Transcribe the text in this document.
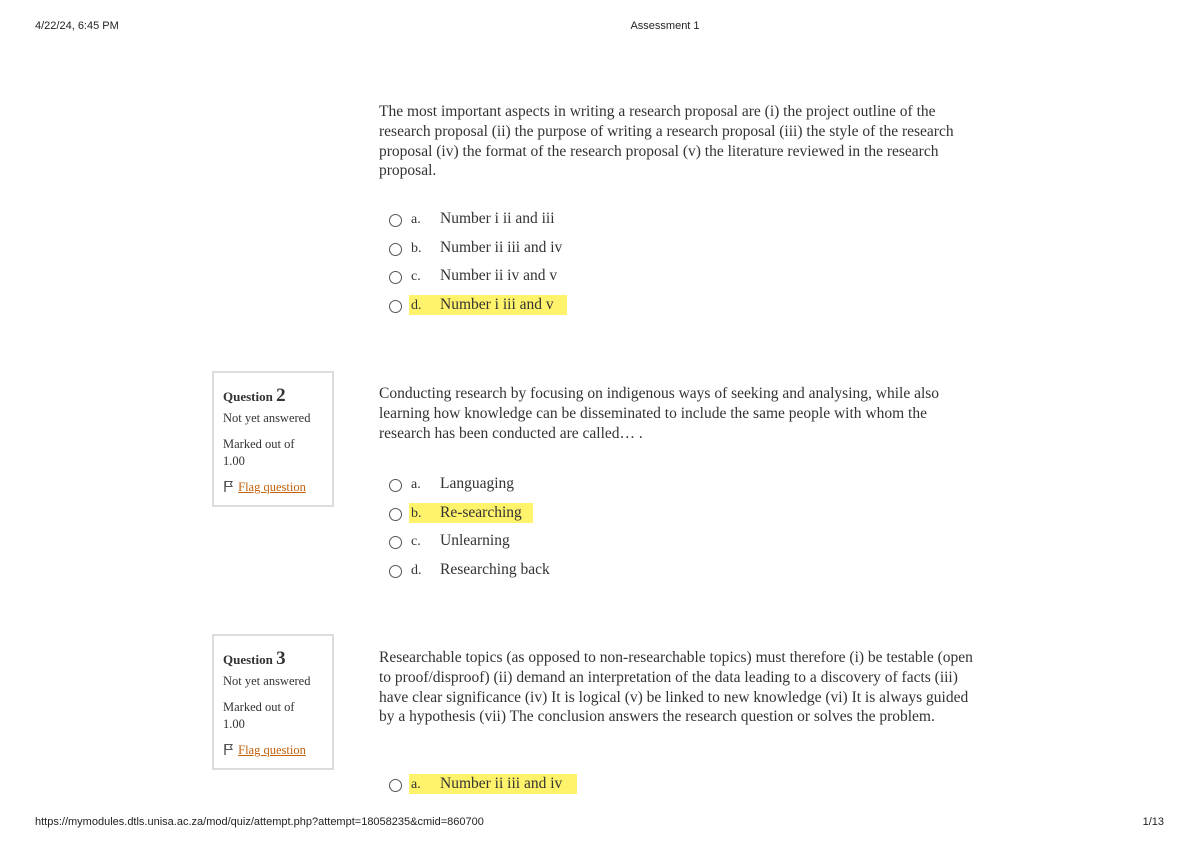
4/22/24, 6:45 PM	Assessment 1
The most important aspects in writing a research proposal are (i) the project outline of the research proposal (ii) the purpose of writing a research proposal (iii) the style of the research proposal (iv) the format of the research proposal (v) the literature reviewed in the research proposal.
a. Number i ii and iii
b. Number ii iii and iv
c. Number ii iv and v
d. Number i iii and v
Question 2
Not yet answered
Marked out of 1.00
Flag question
Conducting research by focusing on indigenous ways of seeking and analysing, while also learning how knowledge can be disseminated to include the same people with whom the research has been conducted are called… .
a. Languaging
b. Re-searching
c. Unlearning
d. Researching back
Question 3
Not yet answered
Marked out of 1.00
Flag question
Researchable topics (as opposed to non-researchable topics) must therefore (i) be testable (open to proof/disproof) (ii) demand an interpretation of the data leading to a discovery of facts (iii) have clear significance (iv) It is logical (v) be linked to new knowledge (vi) It is always guided by a hypothesis (vii) The conclusion answers the research question or solves the problem.
a. Number ii iii and iv
https://mymodules.dtls.unisa.ac.za/mod/quiz/attempt.php?attempt=18058235&cmid=860700	1/13
